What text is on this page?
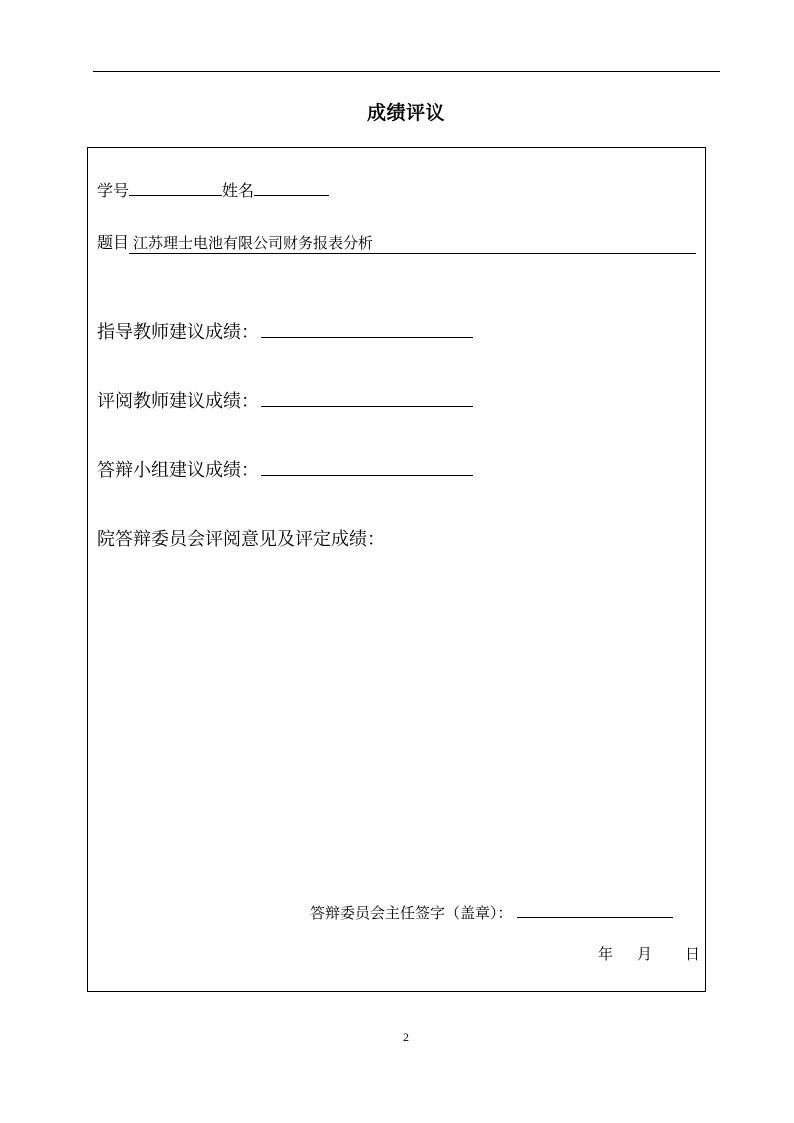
成绩评议
学号	姓名
题目 江苏理士电池有限公司财务报表分析
指导教师建议成绩：
评阅教师建议成绩：
答辩小组建议成绩：
院答辩委员会评阅意见及评定成绩：
答辩委员会主任签字（盖章）：
年 月 日
2
